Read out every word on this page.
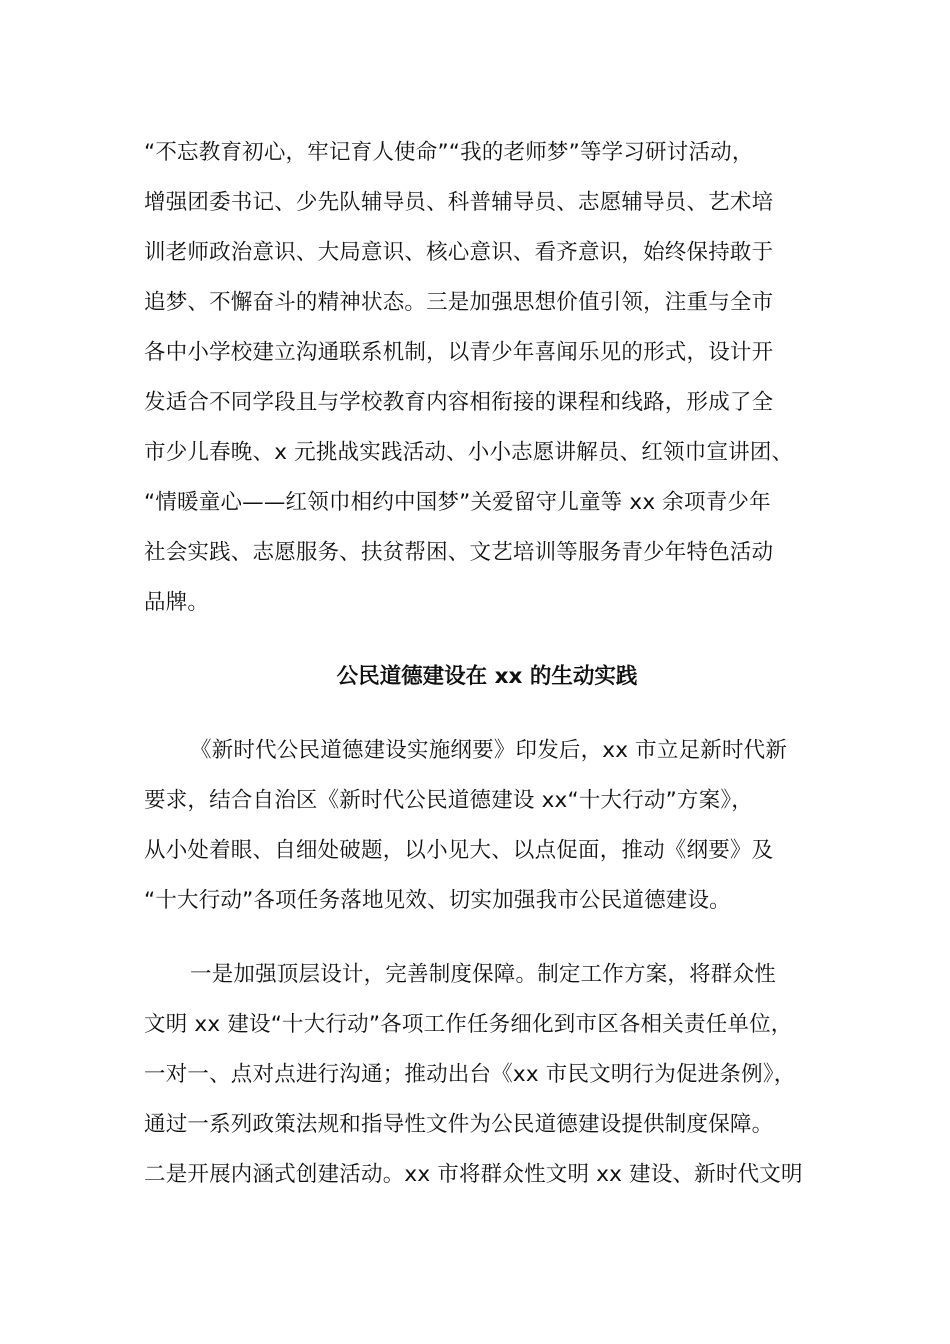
“不忘教育初心，牢记育人使命”“我的老师梦”等学习研讨活动，
增强团委书记、少先队辅导员、科普辅导员、志愿辅导员、艺术培
训老师政治意识、大局意识、核心意识、看齐意识，始终保持敢于
追梦、不懈奋斗的精神状态。三是加强思想价值引领，注重与全市
各中小学校建立沟通联系机制，以青少年喜闻乐见的形式，设计开
发适合不同学段且与学校教育内容相衔接的课程和线路，形成了全
市少儿春晚、x 元挑战实践活动、小小志愿讲解员、红领巾宣讲团、
“情暖童心——红领巾相约中国梦”关爱留守儿童等 xx 余项青少年
社会实践、志愿服务、扶贫帮困、文艺培训等服务青少年特色活动
品牌。
公民道德建设在 xx 的生动实践
《新时代公民道德建设实施纲要》印发后，xx 市立足新时代新
要求，结合自治区《新时代公民道德建设 xx“十大行动”方案》，
从小处着眼、自细处破题，以小见大、以点促面，推动《纲要》及
“十大行动”各项任务落地见效、切实加强我市公民道德建设。
一是加强顶层设计，完善制度保障。制定工作方案，将群众性
文明 xx 建设“十大行动”各项工作任务细化到市区各相关责任单位，
一对一、点对点进行沟通；推动出台《xx 市民文明行为促进条例》，
通过一系列政策法规和指导性文件为公民道德建设提供制度保障。
二是开展内涵式创建活动。xx 市将群众性文明 xx 建设、新时代文明
